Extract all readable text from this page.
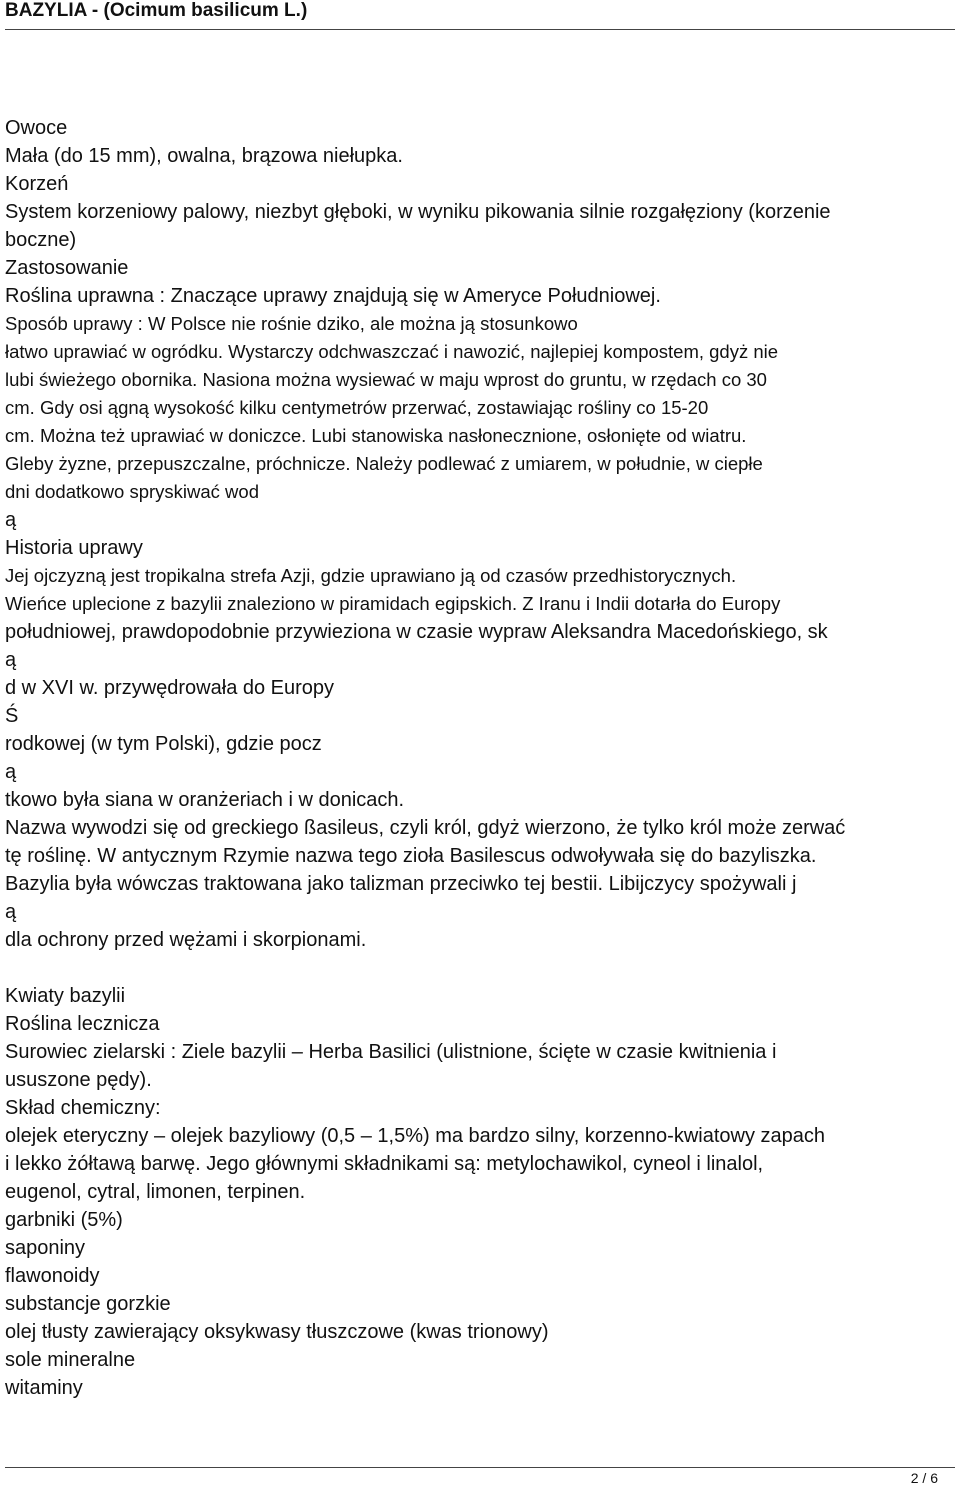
BAZYLIA - (Ocimum basilicum L.)
Owoce
Mała (do 15 mm), owalna, brązowa niełupka.
Korzeń
System korzeniowy palowy, niezbyt głęboki, w wyniku pikowania silnie rozgałęziony (korzenie
boczne)
Zastosowanie
Roślina uprawna : Znaczące uprawy znajdują się w Ameryce Południowej.
Sposób uprawy : W Polsce nie rośnie dziko, ale można ją stosunkowo
łatwo uprawiać w ogródku. Wystarczy odchwaszczać i nawozić, najlepiej kompostem, gdyż nie
lubi świeżego obornika. Nasiona można wysiewać w maju wprost do gruntu, w rzędach co 30
cm. Gdy osi ągną wysokość kilku centymetrów przerwać, zostawiając rośliny co 15-20
cm. Można też uprawiać w doniczce. Lubi stanowiska nasłonecznione, osłonięte od wiatru.
Gleby żyzne, przepuszczalne, próchnicze. Należy podlewać z umiarem, w południe, w ciepłe
dni dodatkowo spryskiwać wod
ą
Historia uprawy
Jej ojczyzną jest tropikalna strefa Azji, gdzie uprawiano ją od czasów przedhistorycznych.
Wieńce uplecione z bazylii znaleziono w piramidach egipskich. Z Iranu i Indii dotarła do Europy
południowej, prawdopodobnie przywieziona w czasie wypraw Aleksandra Macedońskiego, sk
ą
d w XVI w. przywędrowała do Europy
Ś
rodkowej (w tym Polski), gdzie pocz
ą
tkowo była siana w oranżeriach i w donicach.
Nazwa wywodzi się od greckiego ßasileus, czyli król, gdyż wierzono, że tylko król może zerwać
tę roślinę. W antycznym Rzymie nazwa tego zioła Basilescus odwoływała się do bazyliszka.
Bazylia była wówczas traktowana jako talizman przeciwko tej bestii. Libijczycy spożywali j
ą
dla ochrony przed wężami i skorpionami.
Kwiaty bazylii
Roślina lecznicza
Surowiec zielarski : Ziele bazylii – Herba Basilici (ulistnione, ścięte w czasie kwitnienia i
ususzone pędy).
Skład chemiczny:
olejek eteryczny – olejek bazyliowy (0,5 – 1,5%) ma bardzo silny, korzenno-kwiatowy zapach
i lekko żółtawą barwę. Jego głównymi składnikami są: metylochawikol, cyneol i linalol,
eugenol, cytral, limonen, terpinen.
garbniki (5%)
saponiny
flawonoidy
substancje gorzkie
olej tłusty zawierający oksykwasy tłuszczowe (kwas trionowy)
sole mineralne
witaminy
2 / 6
